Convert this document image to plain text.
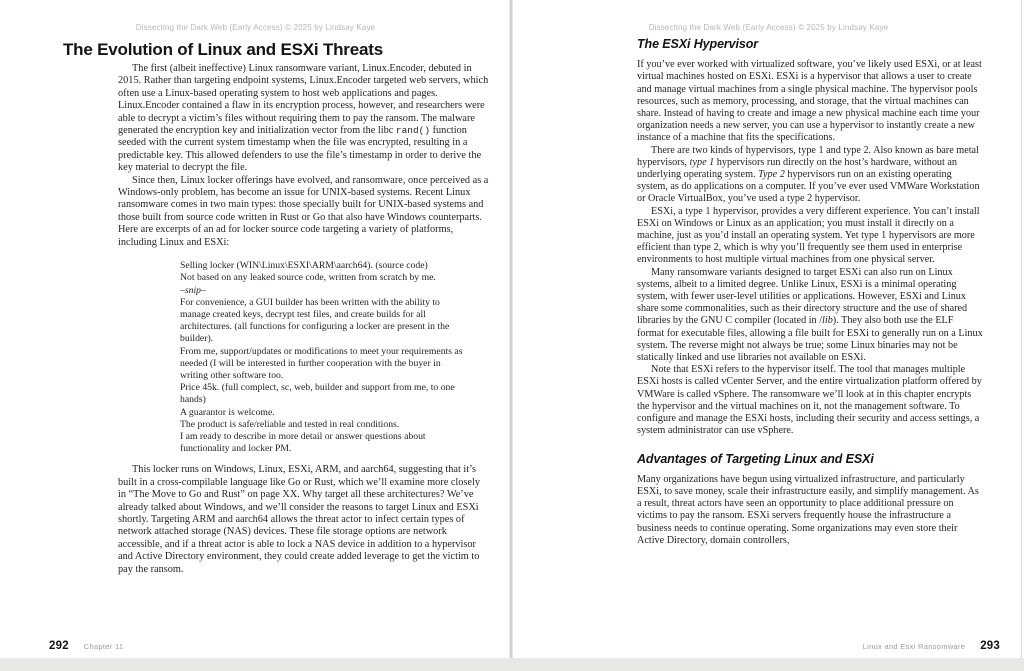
Dissecting the Dark Web (Early Access) © 2025 by Lindsay Kaye
The Evolution of Linux and ESXi Threats

The first (albeit ineffective) Linux ransomware variant, Linux.Encoder, debuted in 2015. Rather than targeting endpoint systems, Linux.Encoder targeted web servers, which often use a Linux-based operating system to host web applications and pages. Linux.Encoder contained a flaw in its encryption process, however, and researchers were able to decrypt a victim’s files without requiring them to pay the ransom. The malware generated the encryption key and initialization vector from the libc rand() function seeded with the current system timestamp when the file was encrypted, resulting in a predictable key. This allowed defenders to use the file’s timestamp in order to derive the key material to decrypt the file.

Since then, Linux locker offerings have evolved, and ransomware, once perceived as a Windows-only problem, has become an issue for UNIX-based systems. Recent Linux ransomware comes in two main types: those specially built for UNIX-based systems and those built from source code written in Rust or Go that also have Windows counterparts. Here are excerpts of an ad for locker source code targeting a variety of platforms, including Linux and ESXi:

Selling locker (WIN\Linux\ESXI\ARM\aarch64). (source code)

Not based on any leaked source code, written from scratch by me.

–snip–

For convenience, a GUI builder has been written with the ability to manage created keys, decrypt test files, and create builds for all architectures. (all functions for configuring a locker are present in the builder).

From me, support/updates or modifications to meet your requirements as needed (I will be interested in further cooperation with the buyer in writing other software too.

Price 45k. (full complect, sc, web, builder and support from me, to one hands)

A guarantor is welcome.

The product is safe/reliable and tested in real conditions.

I am ready to describe in more detail or answer questions about functionality and locker PM.

This locker runs on Windows, Linux, ESXi, ARM, and aarch64, suggesting that it’s built in a cross-compilable language like Go or Rust, which we’ll examine more closely in “The Move to Go and Rust” on page XX. Why target all these architectures? We’ve already talked about Windows, and we’ll consider the reasons to target Linux and ESXi shortly. Targeting ARM and aarch64 allows the threat actor to infect certain types of network attached storage (NAS) devices. These file storage options are network accessible, and if a threat actor is able to lock a NAS device in addition to a hypervisor and Active Directory environment, they could create added leverage to get the victim to pay the ransom.

292 Chapter 11
Dissecting the Dark Web (Early Access) © 2025 by Lindsay Kaye
The ESXi Hypervisor

If you’ve ever worked with virtualized software, you’ve likely used ESXi, or at least virtual machines hosted on ESXi. ESXi is a hypervisor that allows a user to create and manage virtual machines from a single physical machine. The hypervisor pools resources, such as memory, processing, and storage, that the virtual machines can share. Instead of having to create and image a new physical machine each time your organization needs a new server, you can use a hypervisor to instantly create a new instance of a machine that fits the specifications.

There are two kinds of hypervisors, type 1 and type 2. Also known as bare metal hypervisors, type 1 hypervisors run directly on the host’s hardware, without an underlying operating system. Type 2 hypervisors run on an existing operating system, as do applications on a computer. If you’ve ever used VMWare Workstation or Oracle VirtualBox, you’ve used a type 2 hypervisor.

ESXi, a type 1 hypervisor, provides a very different experience. You can’t install ESXi on Windows or Linux as an application; you must install it directly on a machine, just as you’d install an operating system. Yet type 1 hypervisors are more efficient than type 2, which is why you’ll frequently see them used in enterprise environments to host multiple virtual machines from one physical server.

Many ransomware variants designed to target ESXi can also run on Linux systems, albeit to a limited degree. Unlike Linux, ESXi is a minimal operating system, with fewer user-level utilities or applications. However, ESXi and Linux share some commonalities, such as their directory structure and the use of shared libraries by the GNU C compiler (located in /lib). They also both use the ELF format for executable files, allowing a file built for ESXi to generally run on a Linux system. The reverse might not always be true; some Linux binaries may not be statically linked and use libraries not available on ESXi.

Note that ESXi refers to the hypervisor itself. The tool that manages multiple ESXi hosts is called vCenter Server, and the entire virtualization platform offered by VMWare is called vSphere. The ransomware we’ll look at in this chapter encrypts the hypervisor and the virtual machines on it, not the management software. To configure and manage the ESXi hosts, including their security and access settings, a system administrator can use vSphere.

Advantages of Targeting Linux and ESXi

Many organizations have begun using virtualized infrastructure, and particularly ESXi, to save money, scale their infrastructure easily, and simplify management. As a result, threat actors have seen an opportunity to place additional pressure on victims to pay the ransom. ESXi servers frequently house the infrastructure a business needs to continue operating. Some organizations may even store their Active Directory, domain controllers,

Linux and Esxi Ransomware 293
